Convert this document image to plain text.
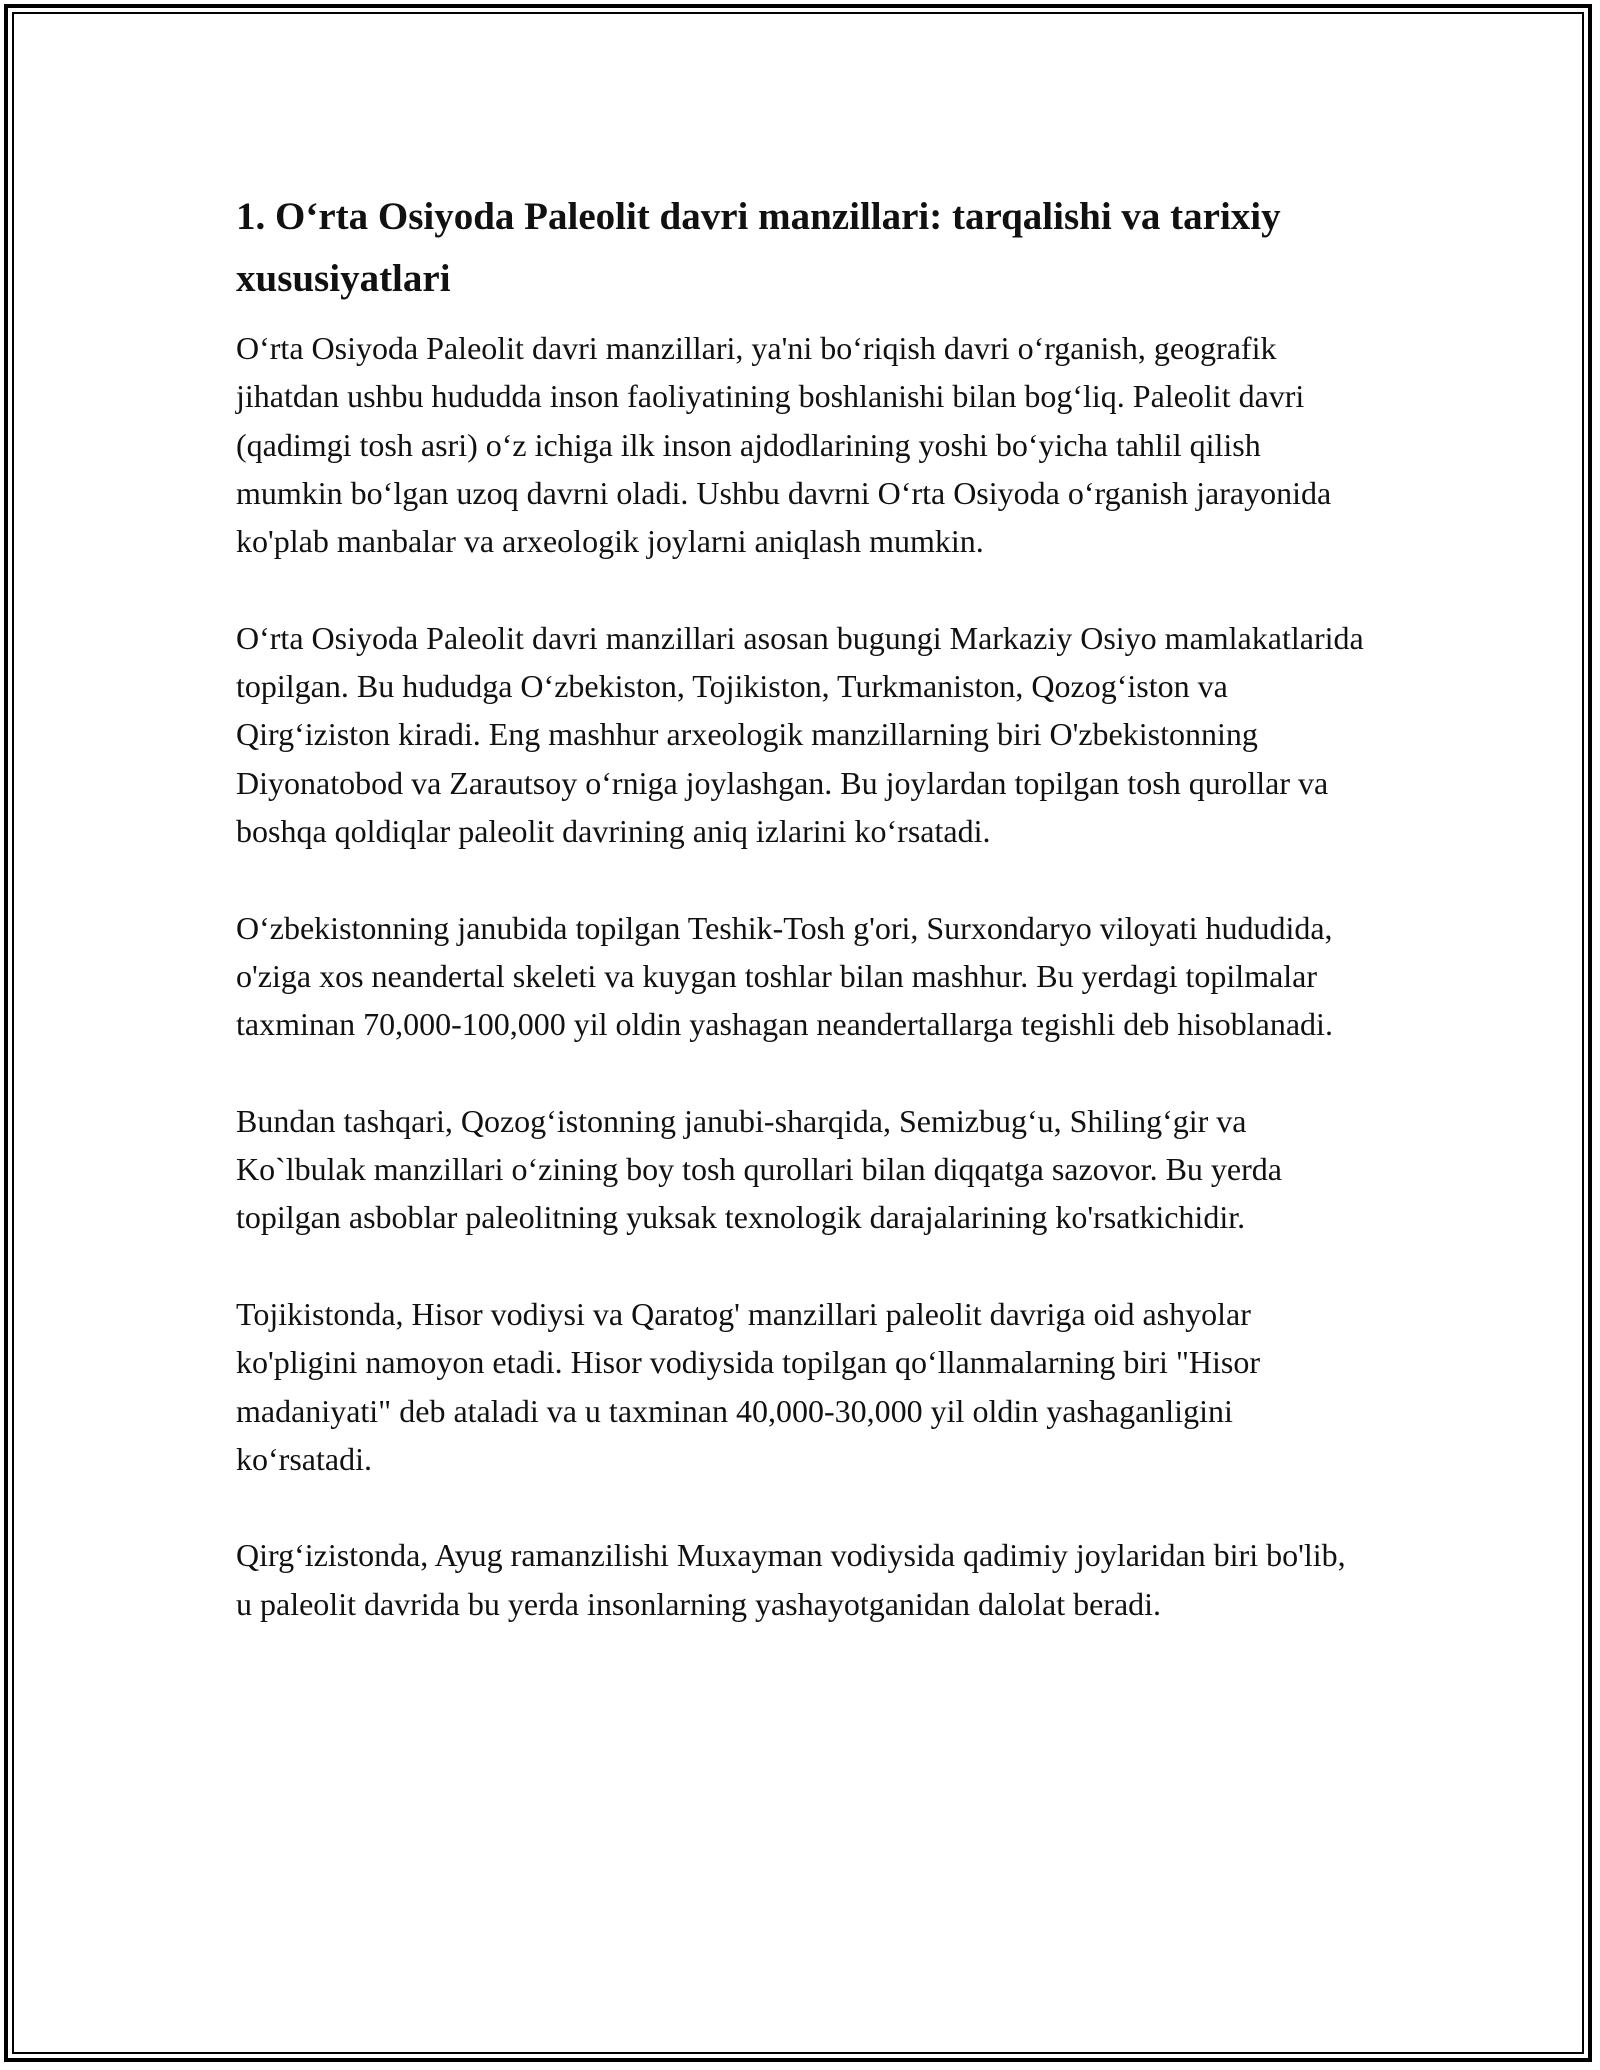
1. O‘rta Osiyoda Paleolit davri manzillari: tarqalishi va tarixiy xususiyatlari

O‘rta Osiyoda Paleolit davri manzillari, ya'ni bo‘riqish davri o‘rganish, geografik jihatdan ushbu hududda inson faoliyatining boshlanishi bilan bog‘liq. Paleolit davri (qadimgi tosh asri) o‘z ichiga ilk inson ajdodlarining yoshi bo‘yicha tahlil qilish mumkin bo‘lgan uzoq davrni oladi. Ushbu davrni O‘rta Osiyoda o‘rganish jarayonida ko'plab manbalar va arxeologik joylarni aniqlash mumkin.

O‘rta Osiyoda Paleolit davri manzillari asosan bugungi Markaziy Osiyo mamlakatlarida topilgan. Bu hududga O‘zbekiston, Tojikiston, Turkmaniston, Qozog‘iston va Qirg‘iziston kiradi. Eng mashhur arxeologik manzillarning biri O'zbekistonning Diyonatobod va Zarautsoy o‘rniga joylashgan. Bu joylardan topilgan tosh qurollar va boshqa qoldiqlar paleolit davrining aniq izlarini ko‘rsatadi.

O‘zbekistonning janubida topilgan Teshik-Tosh g'ori, Surxondaryo viloyati hududida, o'ziga xos neandertal skeleti va kuygan toshlar bilan mashhur. Bu yerdagi topilmalar taxminan 70,000-100,000 yil oldin yashagan neandertallarga tegishli deb hisoblanadi.

Bundan tashqari, Qozog‘istonning janubi-sharqida, Semizbug‘u, Shiling‘gir va Ko`lbulak manzillari o‘zining boy tosh qurollari bilan diqqatga sazovor. Bu yerda topilgan asboblar paleolitning yuksak texnologik darajalarining ko'rsatkichidir.

Tojikistonda, Hisor vodiysi va Qaratog' manzillari paleolit davriga oid ashyolar ko'pligini namoyon etadi. Hisor vodiysida topilgan qo‘llanmalarning biri "Hisor madaniyati" deb ataladi va u taxminan 40,000-30,000 yil oldin yashaganligini ko‘rsatadi.

Qirg‘izistonda, Ayug ramanzilishi Muxayman vodiysida qadimiy joylaridan biri bo'lib, u paleolit davrida bu yerda insonlarning yashayotganidan dalolat beradi.
